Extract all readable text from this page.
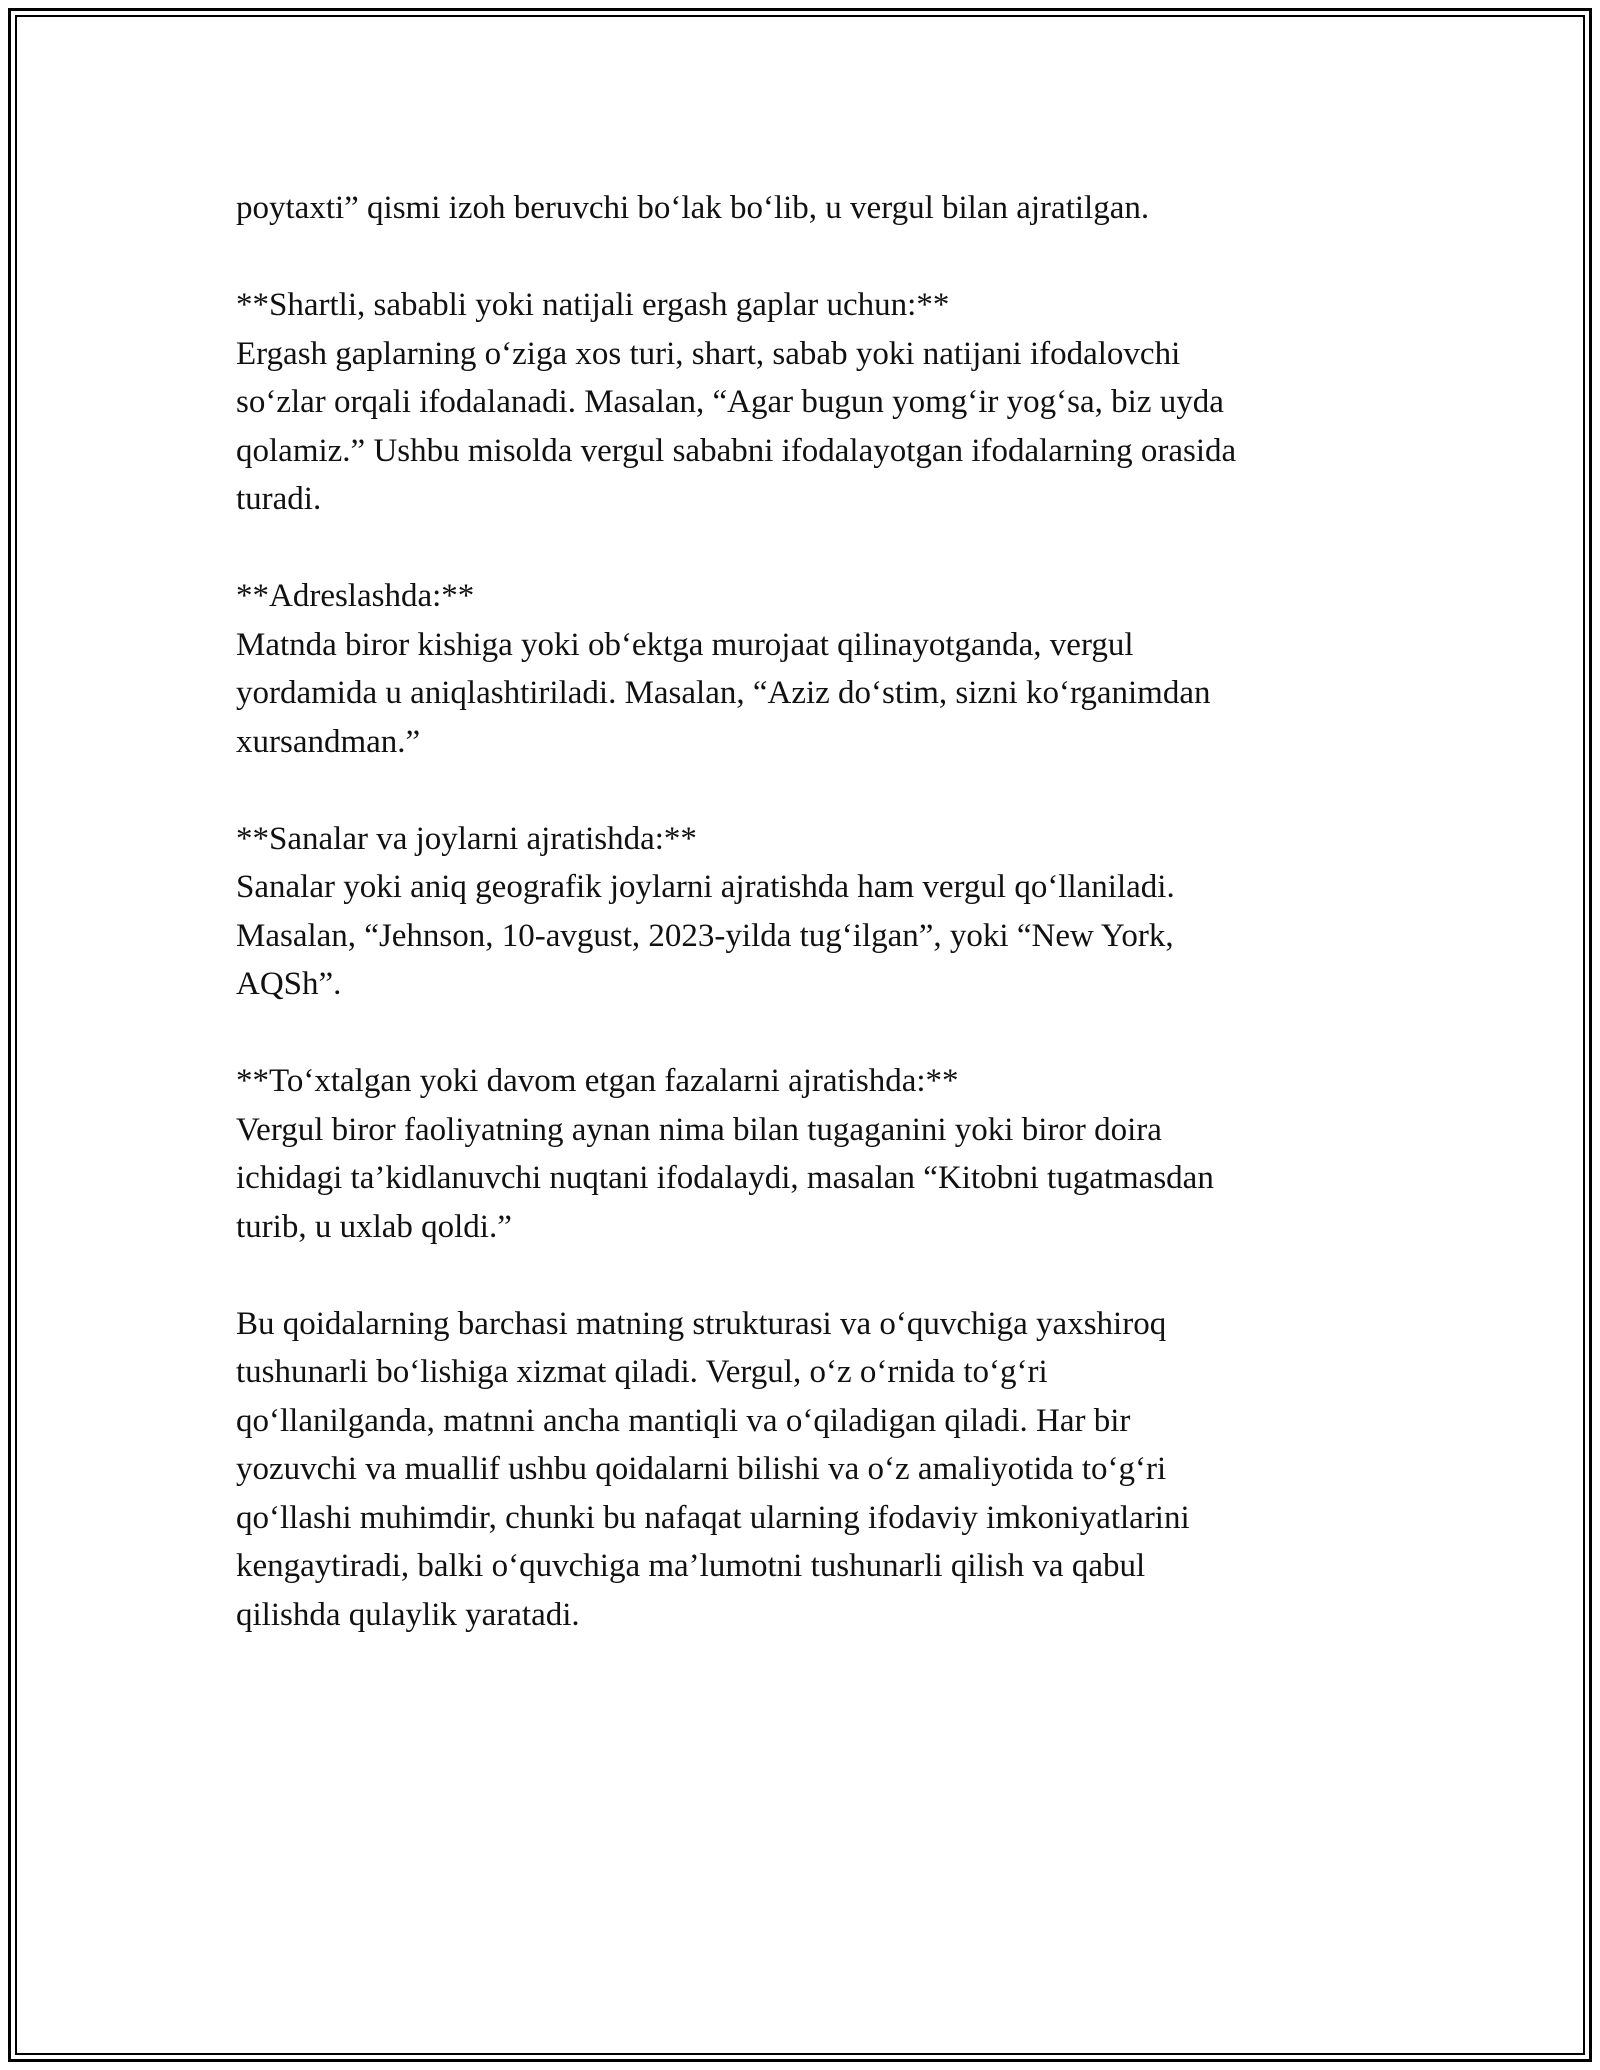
poytaxti” qismi izoh beruvchi bo‘lak bo‘lib, u vergul bilan ajratilgan.

**Shartli, sababli yoki natijali ergash gaplar uchun:**

Ergash gaplarning o‘ziga xos turi, shart, sabab yoki natijani ifodalovchi
so‘zlar orqali ifodalanadi. Masalan, “Agar bugun yomg‘ir yog‘sa, biz uyda
qolamiz.” Ushbu misolda vergul sababni ifodalayotgan ifodalarning orasida
turadi.

**Adreslashda:**

Matnda biror kishiga yoki ob‘ektga murojaat qilinayotganda, vergul
yordamida u aniqlashtiriladi. Masalan, “Aziz do‘stim, sizni ko‘rganimdan
xursandman.”

**Sanalar va joylarni ajratishda:**

Sanalar yoki aniq geografik joylarni ajratishda ham vergul qo‘llaniladi.
Masalan, “Jehnson, 10-avgust, 2023-yilda tug‘ilgan”, yoki “New York,
AQSh”.

**To‘xtalgan yoki davom etgan fazalarni ajratishda:**

Vergul biror faoliyatning aynan nima bilan tugaganini yoki biror doira
ichidagi ta’kidlanuvchi nuqtani ifodalaydi, masalan “Kitobni tugatmasdan
turib, u uxlab qoldi.”

Bu qoidalarning barchasi matning strukturasi va o‘quvchiga yaxshiroq
tushunarli bo‘lishiga xizmat qiladi. Vergul, o‘z o‘rnida to‘g‘ri
qo‘llanilganda, matnni ancha mantiqli va o‘qiladigan qiladi. Har bir
yozuvchi va muallif ushbu qoidalarni bilishi va o‘z amaliyotida to‘g‘ri
qo‘llashi muhimdir, chunki bu nafaqat ularning ifodaviy imkoniyatlarini
kengaytiradi, balki o‘quvchiga ma’lumotni tushunarli qilish va qabul
qilishda qulaylik yaratadi.
